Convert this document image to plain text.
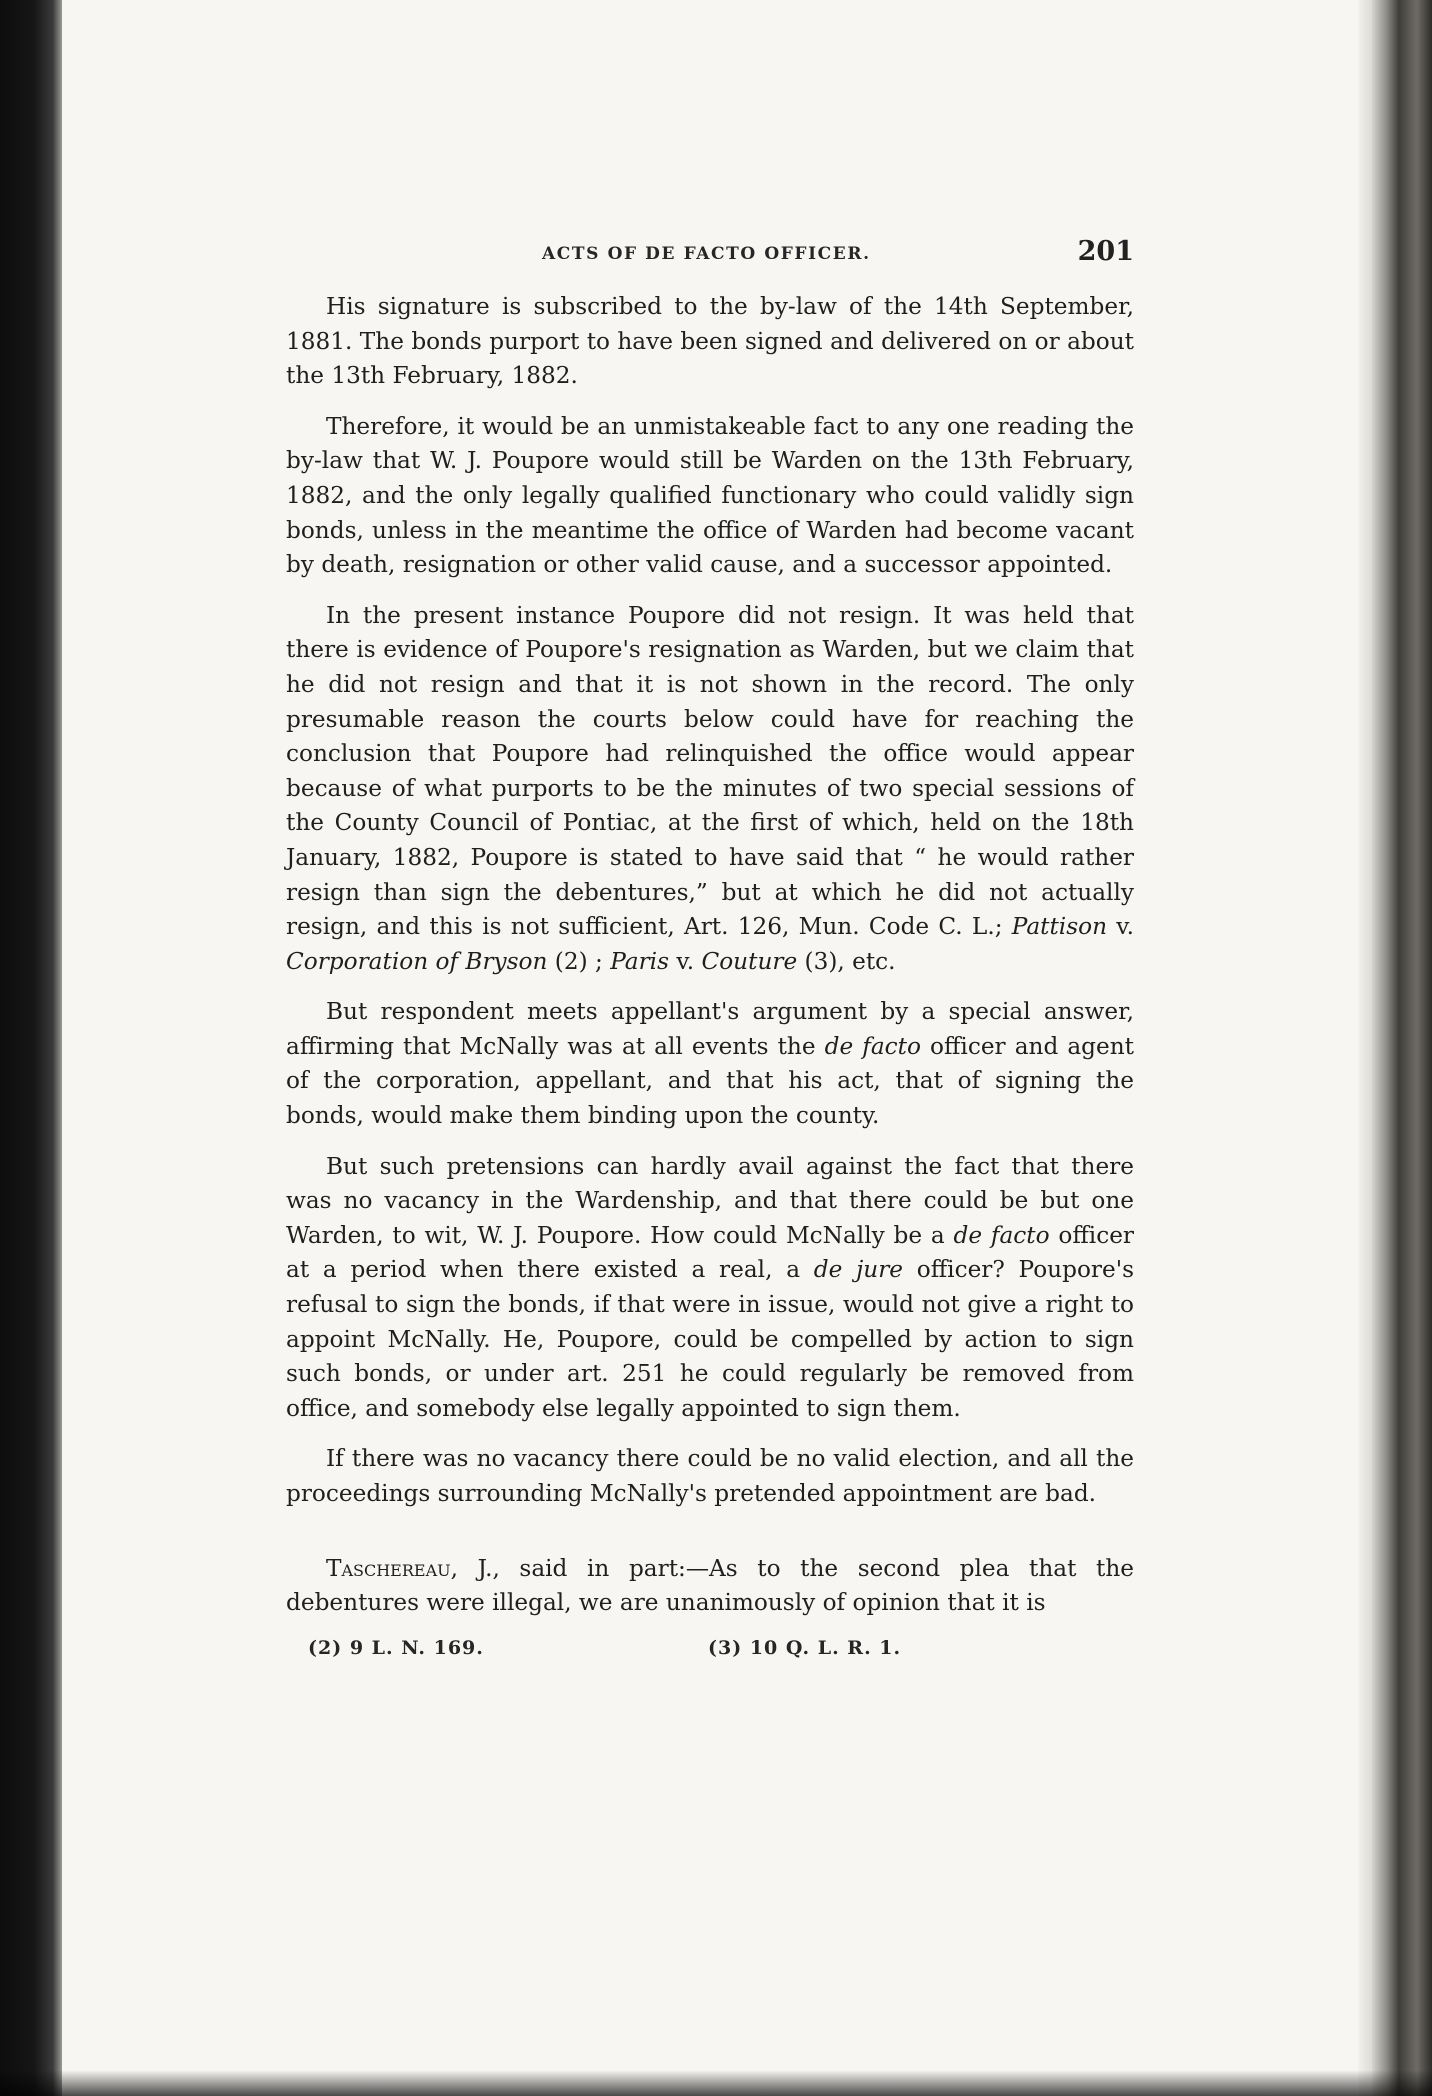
ACTS OF DE FACTO OFFICER.	201

His signature is subscribed to the by-law of the 14th September, 1881. The bonds purport to have been signed and delivered on or about the 13th February, 1882.

Therefore, it would be an unmistakeable fact to any one reading the by-law that W. J. Poupore would still be Warden on the 13th February, 1882, and the only legally qualified functionary who could validly sign bonds, unless in the meantime the office of Warden had become vacant by death, resignation or other valid cause, and a successor appointed.

In the present instance Poupore did not resign. It was held that there is evidence of Poupore's resignation as Warden, but we claim that he did not resign and that it is not shown in the record. The only presumable reason the courts below could have for reaching the conclusion that Poupore had relinquished the office would appear because of what purports to be the minutes of two special sessions of the County Council of Pontiac, at the first of which, held on the 18th January, 1882, Poupore is stated to have said that “ he would rather resign than sign the debentures,” but at which he did not actually resign, and this is not sufficient, Art. 126, Mun. Code C. L.; Pattison v. Corporation of Bryson (2) ; Paris v. Couture (3), etc.

But respondent meets appellant's argument by a special answer, affirming that McNally was at all events the de facto officer and agent of the corporation, appellant, and that his act, that of signing the bonds, would make them binding upon the county.

But such pretensions can hardly avail against the fact that there was no vacancy in the Wardenship, and that there could be but one Warden, to wit, W. J. Poupore. How could McNally be a de facto officer at a period when there existed a real, a de jure officer? Poupore's refusal to sign the bonds, if that were in issue, would not give a right to appoint McNally. He, Poupore, could be compelled by action to sign such bonds, or under art. 251 he could regularly be removed from office, and somebody else legally appointed to sign them.

If there was no vacancy there could be no valid election, and all the proceedings surrounding McNally's pretended appointment are bad.

Taschereau, J., said in part:—As to the second plea that the debentures were illegal, we are unanimously of opinion that it is

(2) 9 L. N. 169.	(3) 10 Q. L. R. 1.
